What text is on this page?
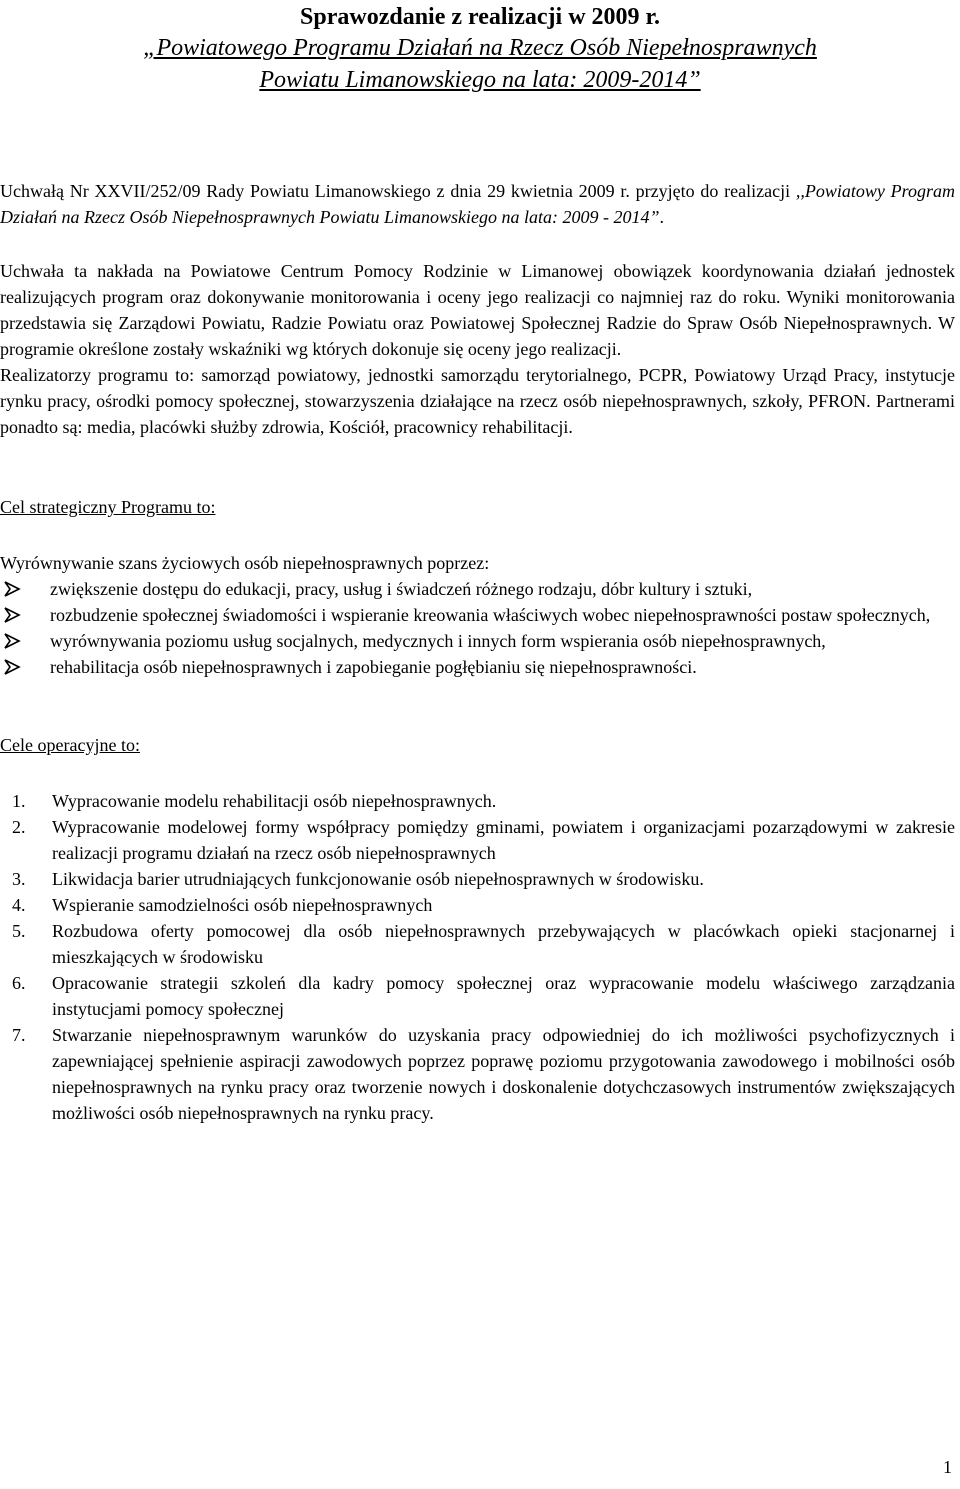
Sprawozdanie z realizacji w 2009 r.

„Powiatowego Programu Działań na Rzecz Osób Niepełnosprawnych

Powiatu Limanowskiego na lata: 2009-2014”

Uchwałą Nr XXVII/252/09 Rady Powiatu Limanowskiego z dnia 29 kwietnia 2009 r. przyjęto do realizacji ,,Powiatowy Program Działań na Rzecz Osób Niepełnosprawnych Powiatu Limanowskiego na lata: 2009 - 2014”.

Uchwała ta nakłada na Powiatowe Centrum Pomocy Rodzinie w Limanowej obowiązek koordynowania działań jednostek realizujących program oraz dokonywanie monitorowania i oceny jego realizacji co najmniej raz do roku. Wyniki monitorowania przedstawia się Zarządowi Powiatu, Radzie Powiatu oraz Powiatowej Społecznej Radzie do Spraw Osób Niepełnosprawnych. W programie określone zostały wskaźniki wg których dokonuje się oceny jego realizacji.

Realizatorzy programu to: samorząd powiatowy, jednostki samorządu terytorialnego, PCPR, Powiatowy Urząd Pracy, instytucje rynku pracy, ośrodki pomocy społecznej, stowarzyszenia działające na rzecz osób niepełnosprawnych, szkoły, PFRON. Partnerami ponadto są: media, placówki służby zdrowia, Kościół, pracownicy rehabilitacji.

Cel strategiczny Programu to:

Wyrównywanie szans życiowych osób niepełnosprawnych poprzez:

zwiększenie dostępu do edukacji, pracy, usług i świadczeń różnego rodzaju, dóbr kultury i sztuki,
rozbudzenie społecznej świadomości i wspieranie kreowania właściwych wobec niepełnosprawności postaw społecznych,
wyrównywania poziomu usług socjalnych, medycznych i innych form wspierania osób niepełnosprawnych,
rehabilitacja osób niepełnosprawnych i zapobieganie pogłębianiu się niepełnosprawności.

Cele operacyjne to:

1. Wypracowanie modelu rehabilitacji osób niepełnosprawnych.
2. Wypracowanie modelowej formy współpracy pomiędzy gminami, powiatem i organizacjami pozarządowymi w zakresie realizacji programu działań na rzecz osób niepełnosprawnych
3. Likwidacja barier utrudniających funkcjonowanie osób niepełnosprawnych w środowisku.
4. Wspieranie samodzielności osób niepełnosprawnych
5. Rozbudowa oferty pomocowej dla osób niepełnosprawnych przebywających w placówkach opieki stacjonarnej i mieszkających w środowisku
6. Opracowanie strategii szkoleń dla kadry pomocy społecznej oraz wypracowanie modelu właściwego zarządzania instytucjami pomocy społecznej
7. Stwarzanie niepełnosprawnym warunków do uzyskania pracy odpowiedniej do ich możliwości psychofizycznych i zapewniającej spełnienie aspiracji zawodowych poprzez poprawę poziomu przygotowania zawodowego i mobilności osób niepełnosprawnych na rynku pracy oraz tworzenie nowych i doskonalenie dotychczasowych instrumentów zwiększających możliwości osób niepełnosprawnych na rynku pracy.
1
